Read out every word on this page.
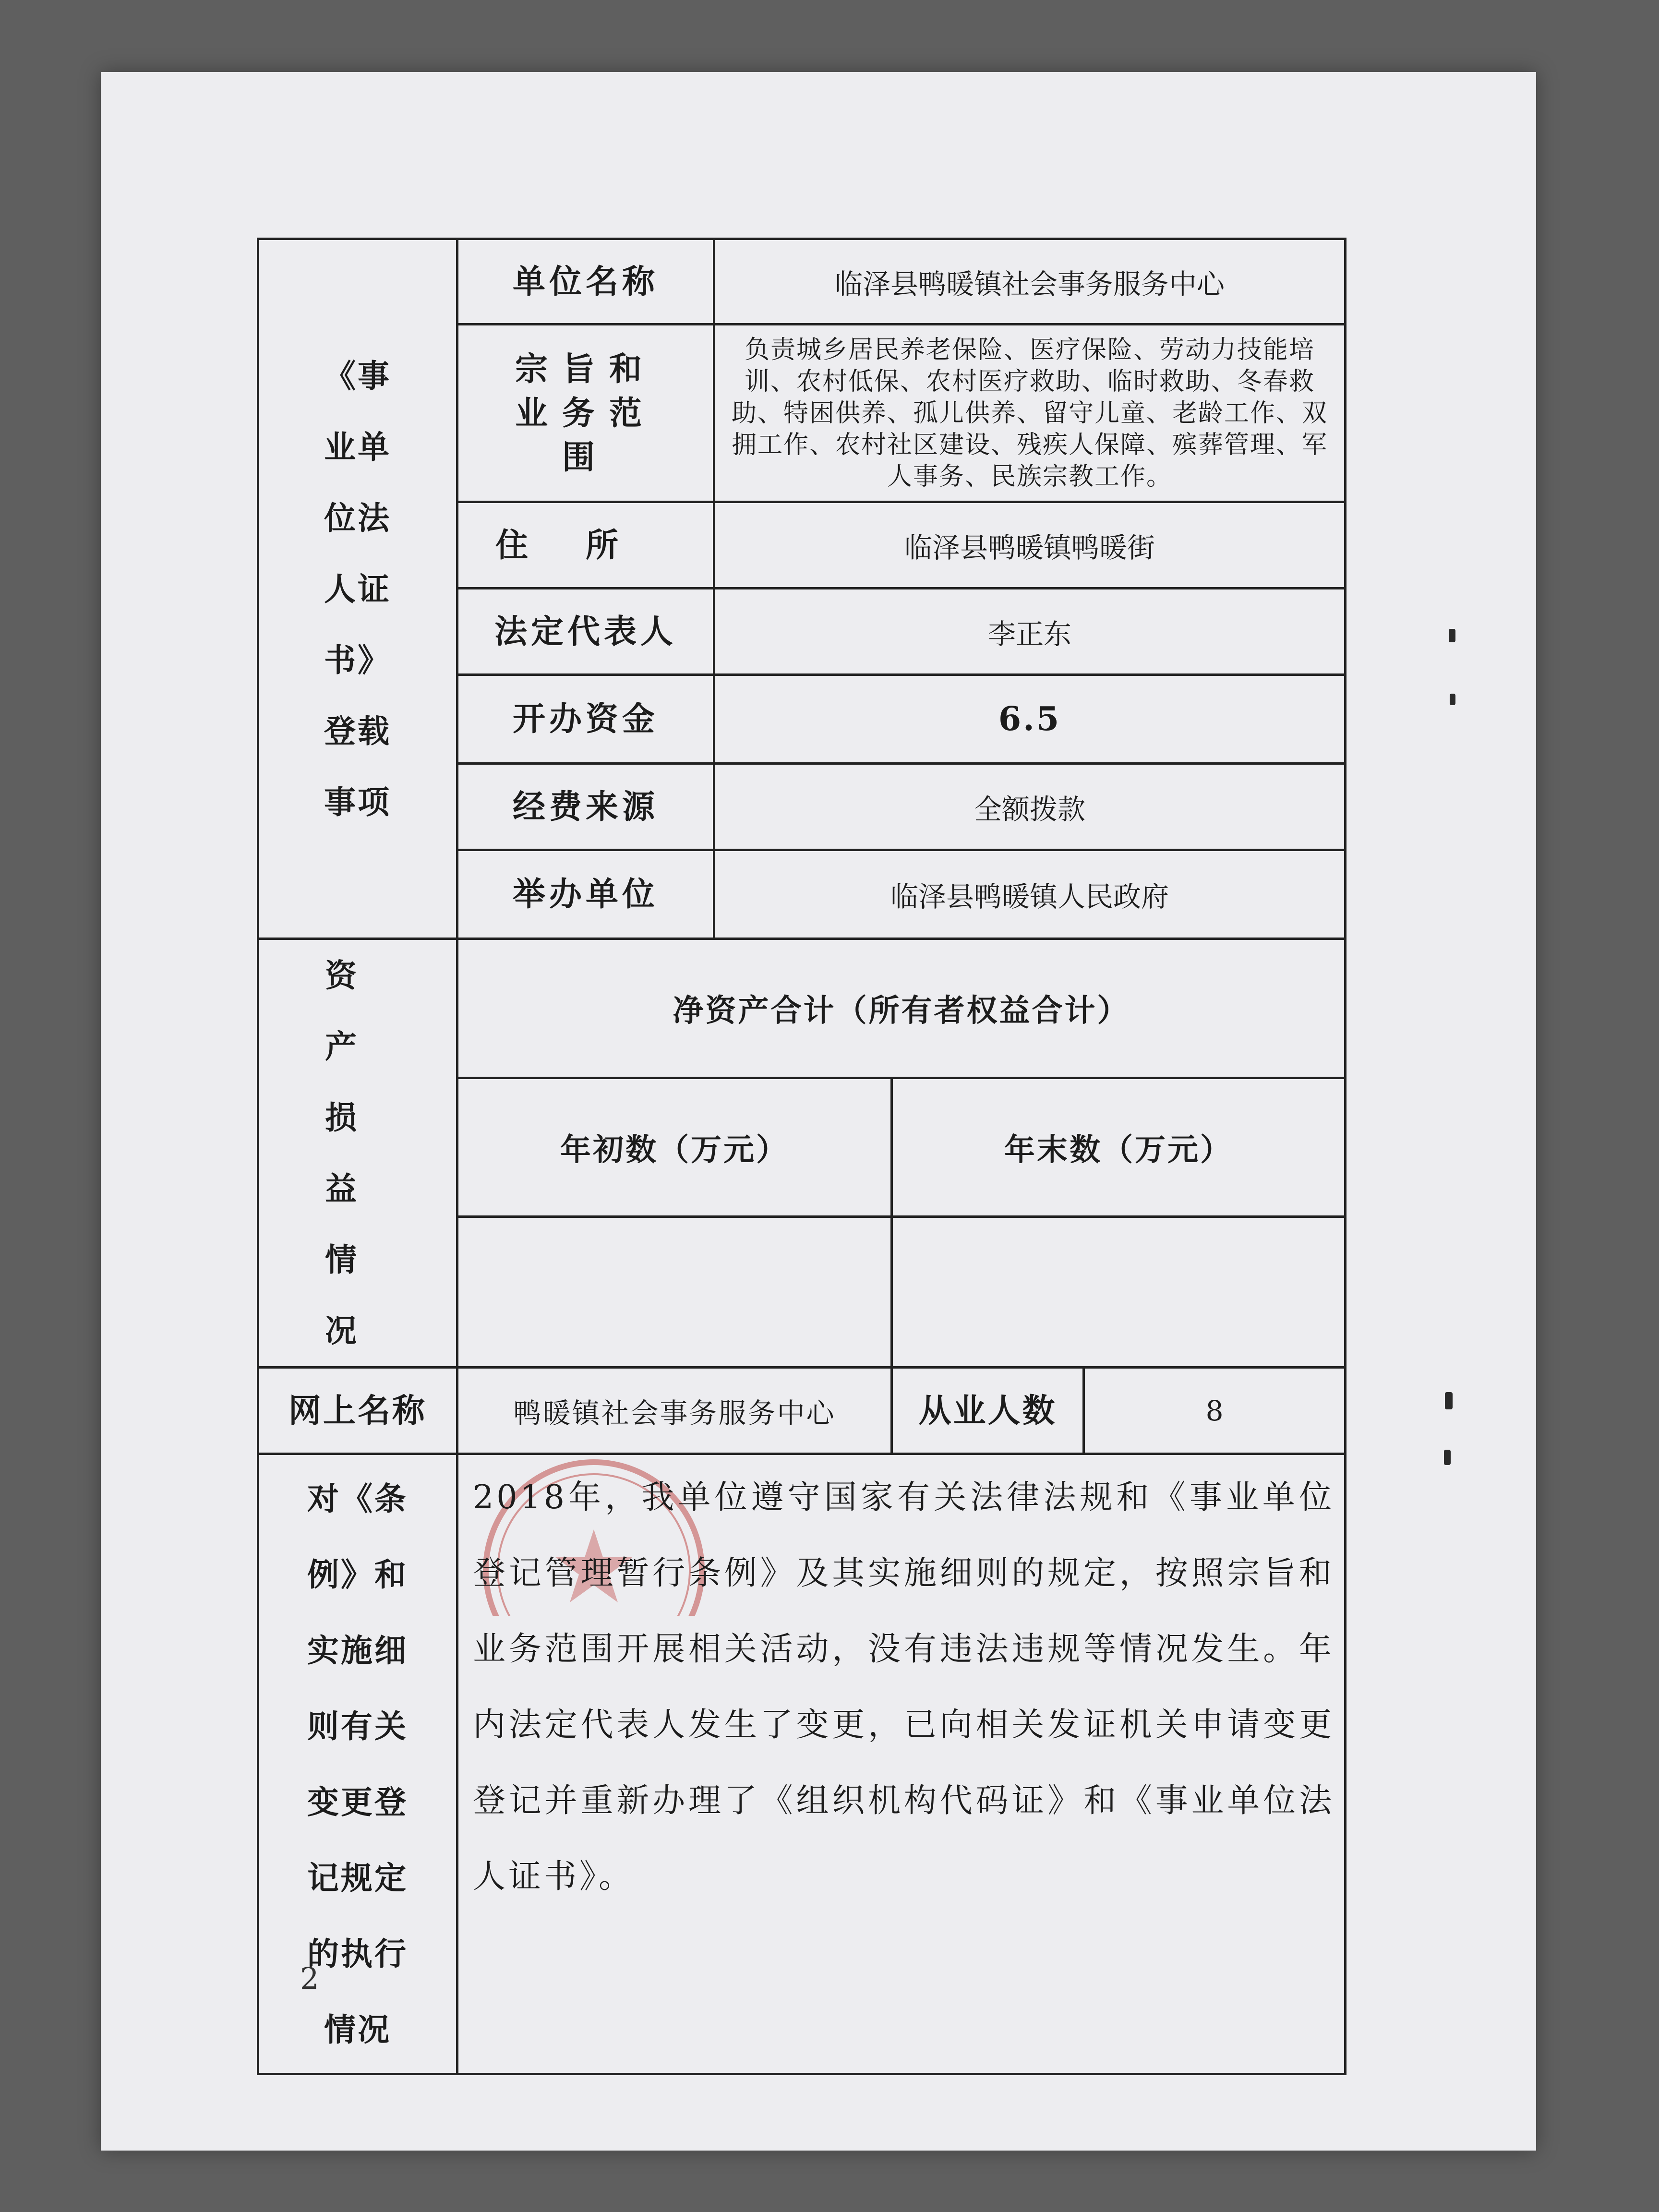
《事业单位法人证书》登载事项	单位名称	临泽县鸭暖镇社会事务服务中心		

	宗旨和业务范围	负责城乡居民养老保险、医疗保险、劳动力技能培训、农村低保、农村医疗救助、临时救助、冬春救助、特困供养、孤儿供养、留守儿童、老龄工作、双拥工作、农村社区建设、残疾人保障、殡葬管理、军人事务、民族宗教工作。		
	住所	临泽县鸭暖镇鸭暖街		
	法定代表人	李正东		
	开办资金	6.5		
	经费来源	全额拨款		
	举办单位	临泽县鸭暖镇人民政府		

资产损益情况	净资产合计（所有者权益合计）			
	年初数（万元）		年末数（万元）	

网上名称	鸭暖镇社会事务服务中心		从业人数	8

对《条例》和实施细则有关变更登记规定的执行情况	2018年，我单位遵守国家有关法律法规和《事业单位登记管理暂行条例》及其实施细则的规定，按照宗旨和业务范围开展相关活动，没有违法违规等情况发生。年内法定代表人发生了变更，已向相关发证机关申请变更登记并重新办理了《组织机构代码证》和《事业单位法人证书》。			
2
